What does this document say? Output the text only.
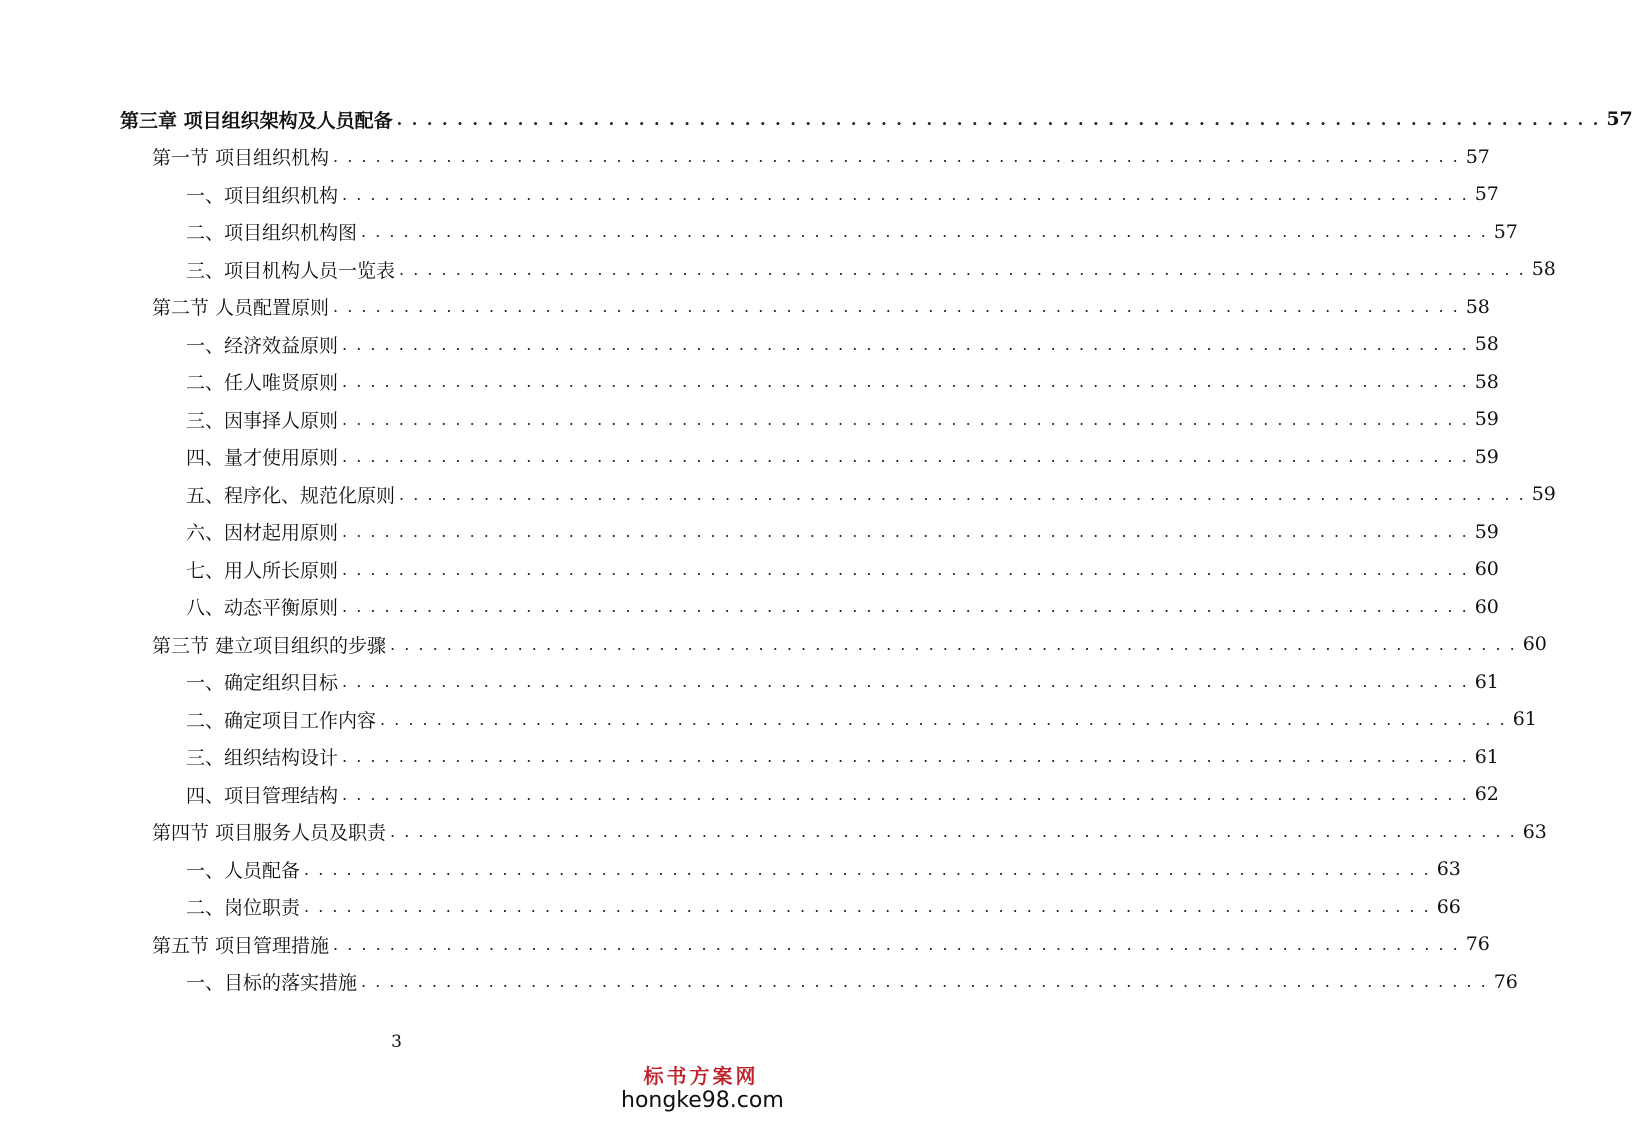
第三章 项目组织架构及人员配备 . . . . . . . . . . . . . . . . . . . . . . . . . . . . . . . . . . . . . . . . . . . . . . . . . . . . . . . . . . . . . . . . . . . . . . . . . . . . . . . . 57
第一节 项目组织机构 . . . . . . . . . . . . . . . . . . . . . . . . . . . . . . . . . . . . . . . . . . . . . . . . . . . . . . . . . . . . . . . . . . . . . . . . . . . . . . . . 57
一、项目组织机构 . . . . . . . . . . . . . . . . . . . . . . . . . . . . . . . . . . . . . . . . . . . . . . . . . . . . . . . . . . . . . . . . . . . . . . . . . . . . . . . . 57
二、项目组织机构图 . . . . . . . . . . . . . . . . . . . . . . . . . . . . . . . . . . . . . . . . . . . . . . . . . . . . . . . . . . . . . . . . . . . . . . . . . . . . . . . . 57
三、项目机构人员一览表 . . . . . . . . . . . . . . . . . . . . . . . . . . . . . . . . . . . . . . . . . . . . . . . . . . . . . . . . . . . . . . . . . . . . . . . . . . . . . . . . 58
第二节 人员配置原则 . . . . . . . . . . . . . . . . . . . . . . . . . . . . . . . . . . . . . . . . . . . . . . . . . . . . . . . . . . . . . . . . . . . . . . . . . . . . . . . . 58
一、经济效益原则 . . . . . . . . . . . . . . . . . . . . . . . . . . . . . . . . . . . . . . . . . . . . . . . . . . . . . . . . . . . . . . . . . . . . . . . . . . . . . . . . 58
二、任人唯贤原则 . . . . . . . . . . . . . . . . . . . . . . . . . . . . . . . . . . . . . . . . . . . . . . . . . . . . . . . . . . . . . . . . . . . . . . . . . . . . . . . . 58
三、因事择人原则 . . . . . . . . . . . . . . . . . . . . . . . . . . . . . . . . . . . . . . . . . . . . . . . . . . . . . . . . . . . . . . . . . . . . . . . . . . . . . . . . 59
四、量才使用原则 . . . . . . . . . . . . . . . . . . . . . . . . . . . . . . . . . . . . . . . . . . . . . . . . . . . . . . . . . . . . . . . . . . . . . . . . . . . . . . . . 59
五、程序化、规范化原则 . . . . . . . . . . . . . . . . . . . . . . . . . . . . . . . . . . . . . . . . . . . . . . . . . . . . . . . . . . . . . . . . . . . . . . . . . . . . . . . . 59
六、因材起用原则 . . . . . . . . . . . . . . . . . . . . . . . . . . . . . . . . . . . . . . . . . . . . . . . . . . . . . . . . . . . . . . . . . . . . . . . . . . . . . . . . 59
七、用人所长原则 . . . . . . . . . . . . . . . . . . . . . . . . . . . . . . . . . . . . . . . . . . . . . . . . . . . . . . . . . . . . . . . . . . . . . . . . . . . . . . . . 60
八、动态平衡原则 . . . . . . . . . . . . . . . . . . . . . . . . . . . . . . . . . . . . . . . . . . . . . . . . . . . . . . . . . . . . . . . . . . . . . . . . . . . . . . . . 60
第三节 建立项目组织的步骤 . . . . . . . . . . . . . . . . . . . . . . . . . . . . . . . . . . . . . . . . . . . . . . . . . . . . . . . . . . . . . . . . . . . . . . . . . . . . . . . . 60
一、确定组织目标 . . . . . . . . . . . . . . . . . . . . . . . . . . . . . . . . . . . . . . . . . . . . . . . . . . . . . . . . . . . . . . . . . . . . . . . . . . . . . . . . 61
二、确定项目工作内容 . . . . . . . . . . . . . . . . . . . . . . . . . . . . . . . . . . . . . . . . . . . . . . . . . . . . . . . . . . . . . . . . . . . . . . . . . . . . . . . . 61
三、组织结构设计 . . . . . . . . . . . . . . . . . . . . . . . . . . . . . . . . . . . . . . . . . . . . . . . . . . . . . . . . . . . . . . . . . . . . . . . . . . . . . . . . 61
四、项目管理结构 . . . . . . . . . . . . . . . . . . . . . . . . . . . . . . . . . . . . . . . . . . . . . . . . . . . . . . . . . . . . . . . . . . . . . . . . . . . . . . . . 62
第四节 项目服务人员及职责 . . . . . . . . . . . . . . . . . . . . . . . . . . . . . . . . . . . . . . . . . . . . . . . . . . . . . . . . . . . . . . . . . . . . . . . . . . . . . . . . 63
一、人员配备 . . . . . . . . . . . . . . . . . . . . . . . . . . . . . . . . . . . . . . . . . . . . . . . . . . . . . . . . . . . . . . . . . . . . . . . . . . . . . . . . 63
二、岗位职责 . . . . . . . . . . . . . . . . . . . . . . . . . . . . . . . . . . . . . . . . . . . . . . . . . . . . . . . . . . . . . . . . . . . . . . . . . . . . . . . . 66
第五节 项目管理措施 . . . . . . . . . . . . . . . . . . . . . . . . . . . . . . . . . . . . . . . . . . . . . . . . . . . . . . . . . . . . . . . . . . . . . . . . . . . . . . . . 76
一、目标的落实措施 . . . . . . . . . . . . . . . . . . . . . . . . . . . . . . . . . . . . . . . . . . . . . . . . . . . . . . . . . . . . . . . . . . . . . . . . . . . . . . . . 76
3
标书方案网
hongke98.com
